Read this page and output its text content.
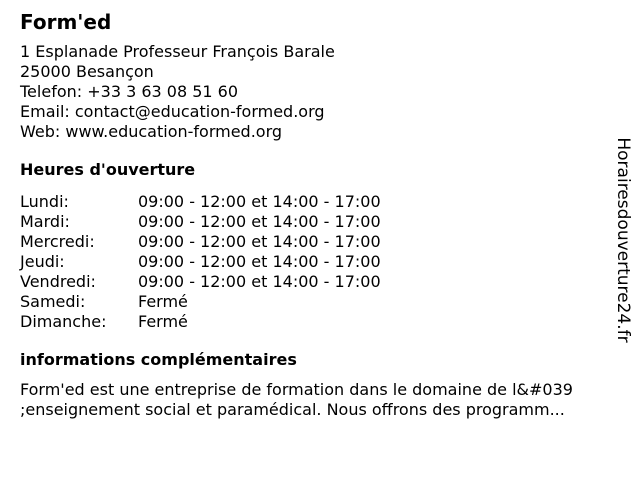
Form'ed
1 Esplanade Professeur François Barale
25000 Besançon
Telefon: +33 3 63 08 51 60
Email: contact@education-formed.org
Web: www.education-formed.org
Heures d'ouverture
Lundi:	09:00 - 12:00 et 14:00 - 17:00
Mardi:	09:00 - 12:00 et 14:00 - 17:00
Mercredi:	09:00 - 12:00 et 14:00 - 17:00
Jeudi:	09:00 - 12:00 et 14:00 - 17:00
Vendredi:	09:00 - 12:00 et 14:00 - 17:00
Samedi:	Fermé
Dimanche:	Fermé
informations complémentaires
Form'ed est une entreprise de formation dans le domaine de l&#039
;enseignement social et paramédical. Nous offrons des programm...
Horairesdouverture24.fr
